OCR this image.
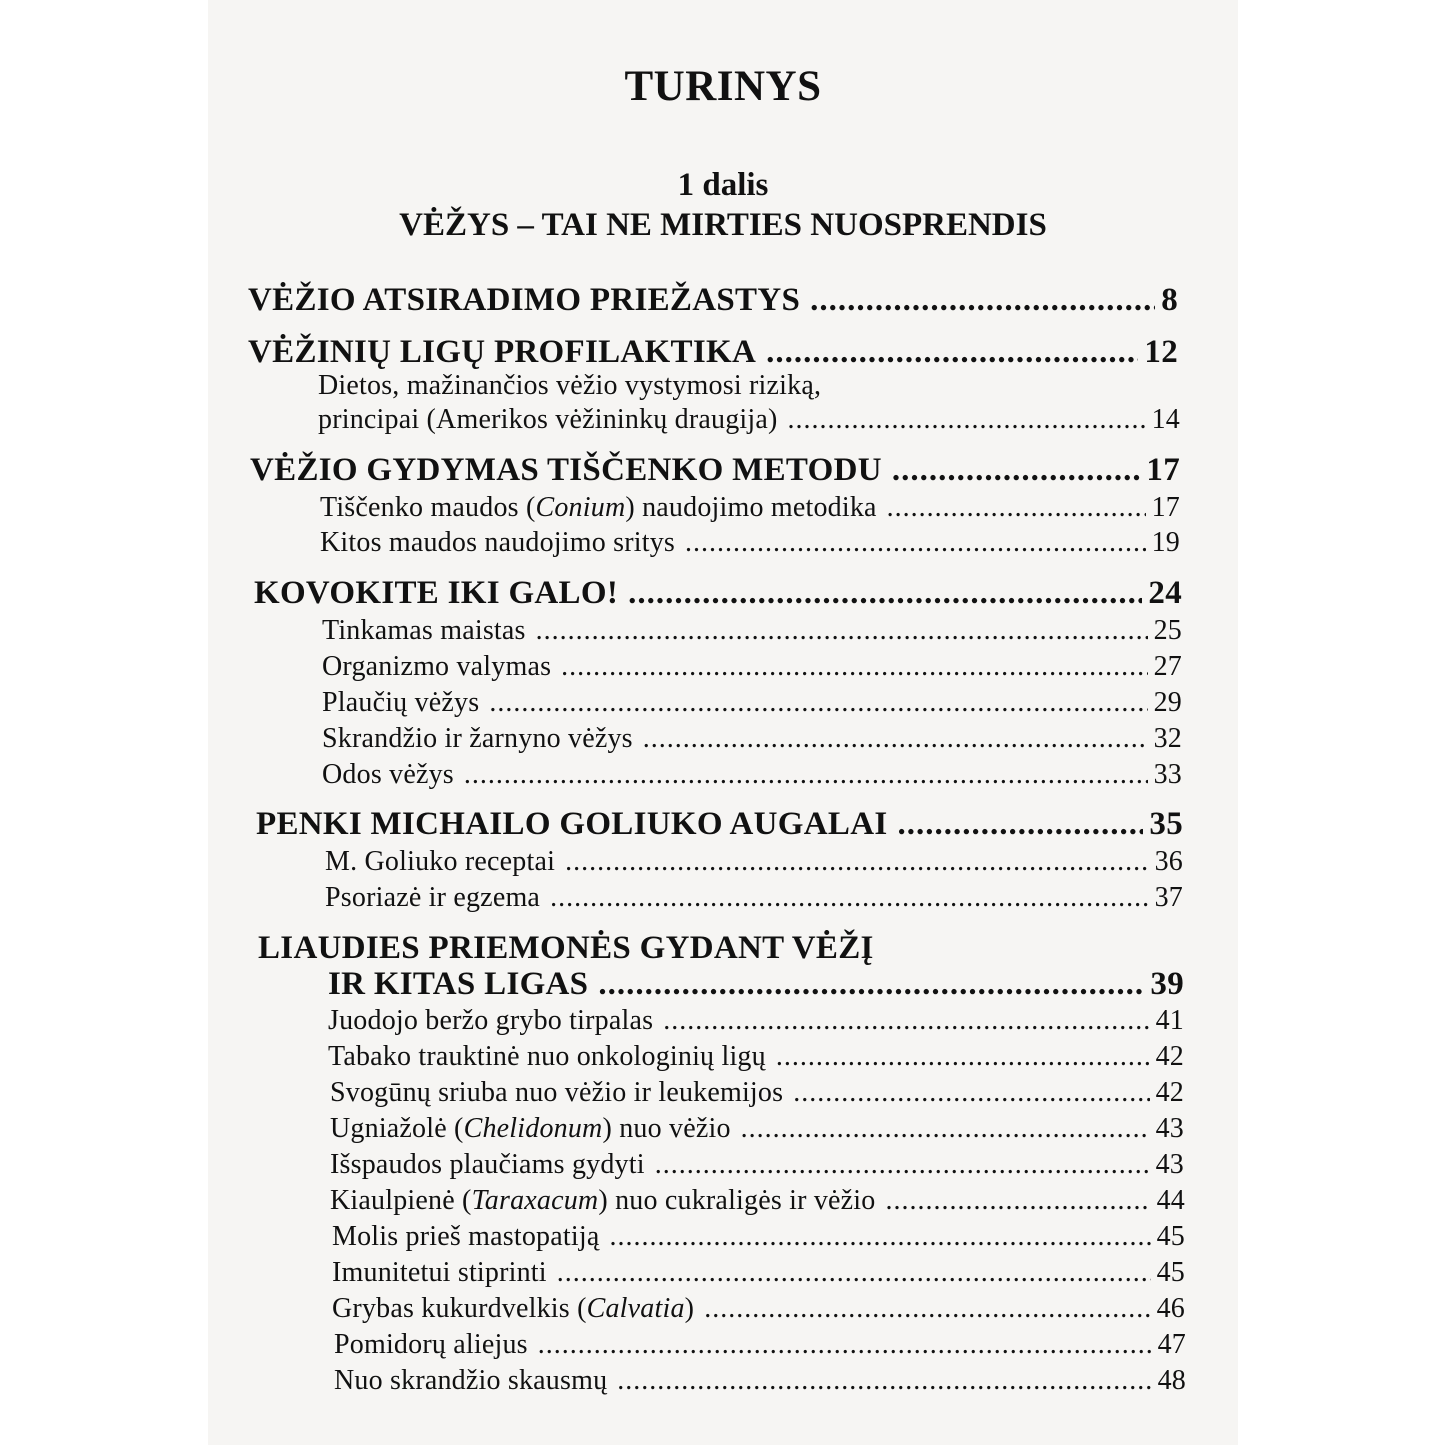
TURINYS
1 dalis
VĖŽYS – TAI NE MIRTIES NUOSPRENDIS
VĖŽIO ATSIRADIMO PRIEŽASTYS .....	8
VĖŽINIŲ LIGŲ PROFILAKTIKA .....	12
Dietos, mažinančios vėžio vystymosi riziką,
principai (Amerikos vėžininkų draugija) .....	14
VĖŽIO GYDYMAS TIŠČENKO METODU .....	17
Tiščenko maudos (Conium) naudojimo metodika .....	17
Kitos maudos naudojimo sritys .....	19
KOVOKITE IKI GALO! .....	24
Tinkamas maistas .....	25
Organizmo valymas .....	27
Plaučių vėžys .....	29
Skrandžio ir žarnyno vėžys .....	32
Odos vėžys .....	33
PENKI MICHAILO GOLIUKO AUGALAI .....	35
M. Goliuko receptai .....	36
Psoriazė ir egzema .....	37
LIAUDIES PRIEMONĖS GYDANT VĖŽĮ
IR KITAS LIGAS .....	39
Juodojo beržo grybo tirpalas .....	41
Tabako trauktinė nuo onkologinių ligų .....	42
Svogūnų sriuba nuo vėžio ir leukemijos .....	42
Ugniažolė (Chelidonum) nuo vėžio .....	43
Išspaudos plaučiams gydyti .....	43
Kiaulpienė (Taraxacum) nuo cukraligės ir vėžio .....	44
Molis prieš mastopatiją .....	45
Imunitetui stiprinti .....	45
Grybas kukurdvelkis (Calvatia) .....	46
Pomidorų aliejus .....	47
Nuo skrandžio skausmų .....	48
